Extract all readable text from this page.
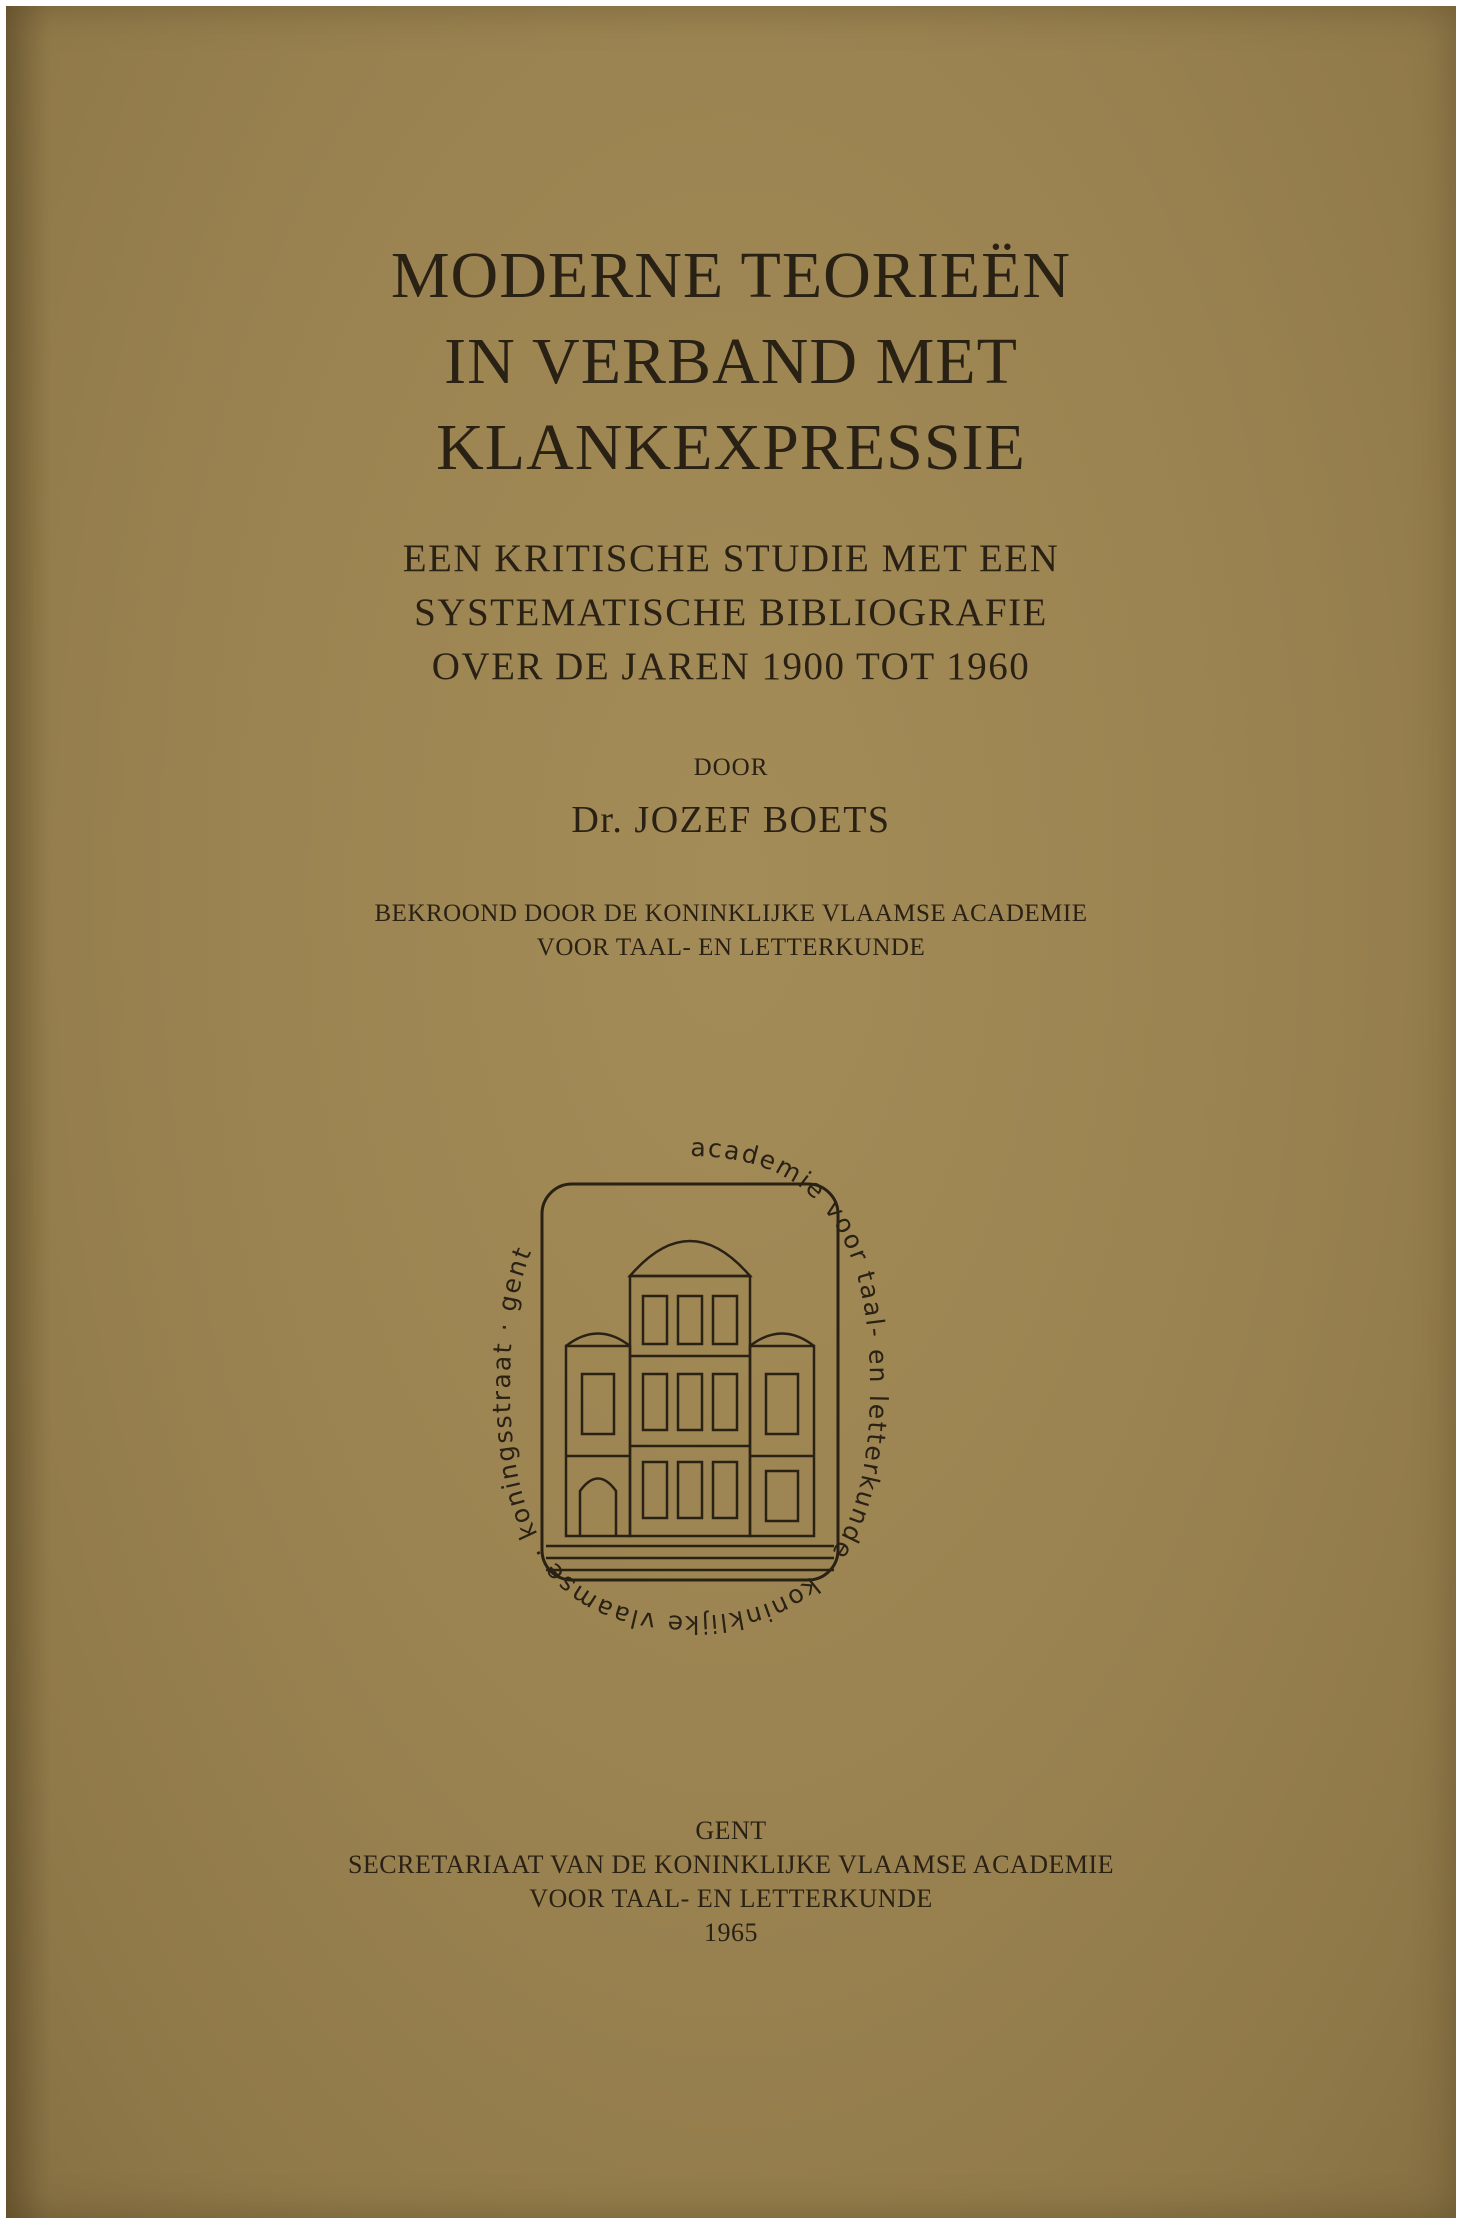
MODERNE TEORIEËN
IN VERBAND MET
KLANKEXPRESSIE
EEN KRITISCHE STUDIE MET EEN
SYSTEMATISCHE BIBLIOGRAFIE
OVER DE JAREN 1900 TOT 1960
DOOR
Dr. JOZEF BOETS
BEKROOND DOOR DE KONINKLIJKE VLAAMSE ACADEMIE
VOOR TAAL- EN LETTERKUNDE
academie voor taal- en letterkunde · koninklijke vlaamse · koningsstraat · gent
GENT
SECRETARIAAT VAN DE KONINKLIJKE VLAAMSE ACADEMIE
VOOR TAAL- EN LETTERKUNDE
1965
